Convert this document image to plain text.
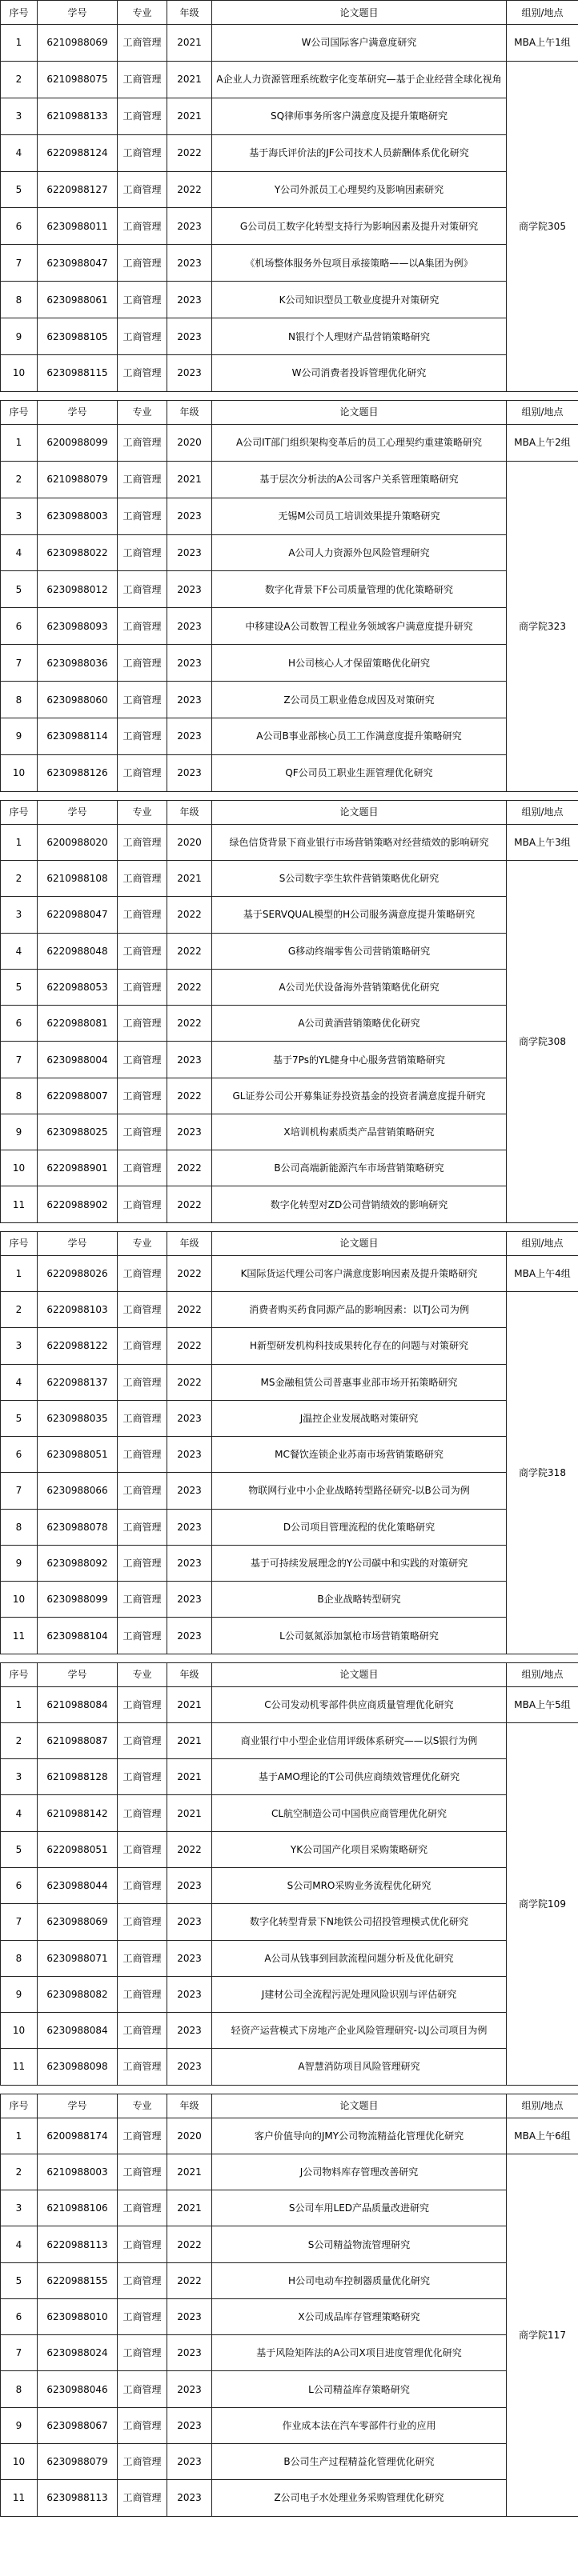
序号	学号	专业	年级	论文题目	组别/地点
1	6210988069	工商管理	2021	W公司国际客户满意度研究	MBA上午1组
2	6210988075	工商管理	2021	A企业人力资源管理系统数字化变革研究—基于企业经营全球化视角	商学院305
3	6210988133	工商管理	2021	SQ律师事务所客户满意度及提升策略研究	
4	6220988124	工商管理	2022	基于海氏评价法的JF公司技术人员薪酬体系优化研究	
5	6220988127	工商管理	2022	Y公司外派员工心理契约及影响因素研究	
6	6230988011	工商管理	2023	G公司员工数字化转型支持行为影响因素及提升对策研究	
7	6230988047	工商管理	2023	《机场整体服务外包项目承接策略——以A集团为例》	
8	6230988061	工商管理	2023	K公司知识型员工敬业度提升对策研究	
9	6230988105	工商管理	2023	N银行个人理财产品营销策略研究	
10	6230988115	工商管理	2023	W公司消费者投诉管理优化研究	
序号	学号	专业	年级	论文题目	组别/地点
1	6200988099	工商管理	2020	A公司IT部门组织架构变革后的员工心理契约重建策略研究	MBA上午2组
2	6210988079	工商管理	2021	基于层次分析法的A公司客户关系管理策略研究	商学院323
3	6230988003	工商管理	2023	无锡M公司员工培训效果提升策略研究	
4	6230988022	工商管理	2023	A公司人力资源外包风险管理研究	
5	6230988012	工商管理	2023	数字化背景下F公司质量管理的优化策略研究	
6	6230988093	工商管理	2023	中移建设A公司数智工程业务领域客户满意度提升研究	
7	6230988036	工商管理	2023	H公司核心人才保留策略优化研究	
8	6230988060	工商管理	2023	Z公司员工职业倦怠成因及对策研究	
9	6230988114	工商管理	2023	A公司B事业部核心员工工作满意度提升策略研究	
10	6230988126	工商管理	2023	QF公司员工职业生涯管理优化研究	
序号	学号	专业	年级	论文题目	组别/地点
1	6200988020	工商管理	2020	绿色信贷背景下商业银行市场营销策略对经营绩效的影响研究	MBA上午3组
2	6210988108	工商管理	2021	S公司数字孪生软件营销策略优化研究	商学院308
3	6220988047	工商管理	2022	基于SERVQUAL模型的H公司服务满意度提升策略研究	
4	6220988048	工商管理	2022	G移动终端零售公司营销策略研究	
5	6220988053	工商管理	2022	A公司光伏设备海外营销策略优化研究	
6	6220988081	工商管理	2022	A公司黄酒营销策略优化研究	
7	6230988004	工商管理	2023	基于7Ps的YL健身中心服务营销策略研究	
8	6220988007	工商管理	2022	GL证券公司公开募集证券投资基金的投资者满意度提升研究	
9	6230988025	工商管理	2023	X培训机构素质类产品营销策略研究	
10	6220988901	工商管理	2022	B公司高端新能源汽车市场营销策略研究	
11	6220988902	工商管理	2022	数字化转型对ZD公司营销绩效的影响研究	
序号	学号	专业	年级	论文题目	组别/地点
1	6220988026	工商管理	2022	K国际货运代理公司客户满意度影响因素及提升策略研究	MBA上午4组
2	6220988103	工商管理	2022	消费者购买药食同源产品的影响因素：以TJ公司为例	商学院318
3	6220988122	工商管理	2022	H新型研发机构科技成果转化存在的问题与对策研究	
4	6220988137	工商管理	2022	MS金融租赁公司普惠事业部市场开拓策略研究	
5	6230988035	工商管理	2023	J温控企业发展战略对策研究	
6	6230988051	工商管理	2023	MC餐饮连锁企业苏南市场营销策略研究	
7	6230988066	工商管理	2023	物联网行业中小企业战略转型路径研究-以B公司为例	
8	6230988078	工商管理	2023	D公司项目管理流程的优化策略研究	
9	6230988092	工商管理	2023	基于可持续发展理念的Y公司碳中和实践的对策研究	
10	6230988099	工商管理	2023	B企业战略转型研究	
11	6230988104	工商管理	2023	L公司氨氮添加氯枪市场营销策略研究	
序号	学号	专业	年级	论文题目	组别/地点
1	6210988084	工商管理	2021	C公司发动机零部件供应商质量管理优化研究	MBA上午5组
2	6210988087	工商管理	2021	商业银行中小型企业信用评级体系研究——以S银行为例	商学院109
3	6210988128	工商管理	2021	基于AMO理论的T公司供应商绩效管理优化研究	
4	6210988142	工商管理	2021	CL航空制造公司中国供应商管理优化研究	
5	6220988051	工商管理	2022	YK公司国产化项目采购策略研究	
6	6230988044	工商管理	2023	S公司MRO采购业务流程优化研究	
7	6230988069	工商管理	2023	数字化转型背景下N地铁公司招投管理模式优化研究	
8	6230988071	工商管理	2023	A公司从钱事到回款流程问题分析及优化研究	
9	6230988082	工商管理	2023	J建材公司全流程污泥处理风险识别与评估研究	
10	6230988084	工商管理	2023	轻资产运营模式下房地产企业风险管理研究-以J公司项目为例	
11	6230988098	工商管理	2023	A智慧消防项目风险管理研究	
序号	学号	专业	年级	论文题目	组别/地点
1	6200988174	工商管理	2020	客户价值导向的JMY公司物流精益化管理优化研究	MBA上午6组
2	6210988003	工商管理	2021	J公司物料库存管理改善研究	商学院117
3	6210988106	工商管理	2021	S公司车用LED产品质量改进研究	
4	6220988113	工商管理	2022	S公司精益物流管理研究	
5	6220988155	工商管理	2022	H公司电动车控制器质量优化研究	
6	6230988010	工商管理	2023	X公司成品库存管理策略研究	
7	6230988024	工商管理	2023	基于风险矩阵法的A公司X项目进度管理优化研究	
8	6230988046	工商管理	2023	L公司精益库存策略研究	
9	6230988067	工商管理	2023	作业成本法在汽车零部件行业的应用	
10	6230988079	工商管理	2023	B公司生产过程精益化管理优化研究	
11	6230988113	工商管理	2023	Z公司电子水处理业务采购管理优化研究	
